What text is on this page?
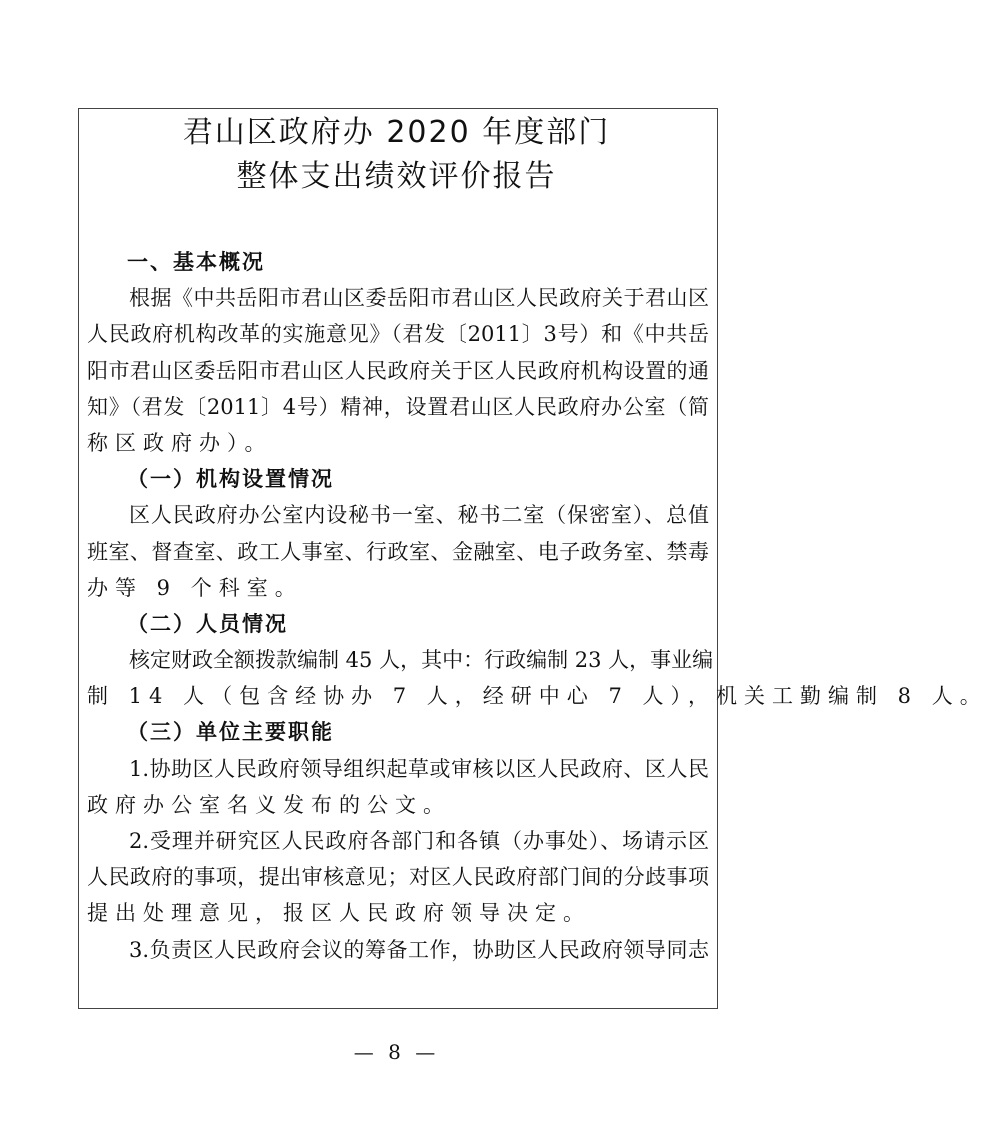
君山区政府办 2020 年度部门
整体支出绩效评价报告
一、基本概况
根据《中共岳阳市君山区委岳阳市君山区人民政府关于君山区
人民政府机构改革的实施意见》（君发〔2011〕3号）和《中共岳
阳市君山区委岳阳市君山区人民政府关于区人民政府机构设置的通
知》（君发〔2011〕4号）精神，设置君山区人民政府办公室（简
称区政府办）。
（一）机构设置情况
区人民政府办公室内设秘书一室、秘书二室（保密室）、总值
班室、督查室、政工人事室、行政室、金融室、电子政务室、禁毒
办等 9 个科室。
（二）人员情况
核定财政全额拨款编制 45 人，其中：行政编制 23 人，事业编
制 14 人（包含经协办 7 人，经研中心 7 人），机关工勤编制 8 人。
（三）单位主要职能
1.协助区人民政府领导组织起草或审核以区人民政府、区人民
政府办公室名义发布的公文。
2.受理并研究区人民政府各部门和各镇（办事处）、场请示区
人民政府的事项，提出审核意见；对区人民政府部门间的分歧事项
提出处理意见，报区人民政府领导决定。
3.负责区人民政府会议的筹备工作，协助区人民政府领导同志
— 8 —
